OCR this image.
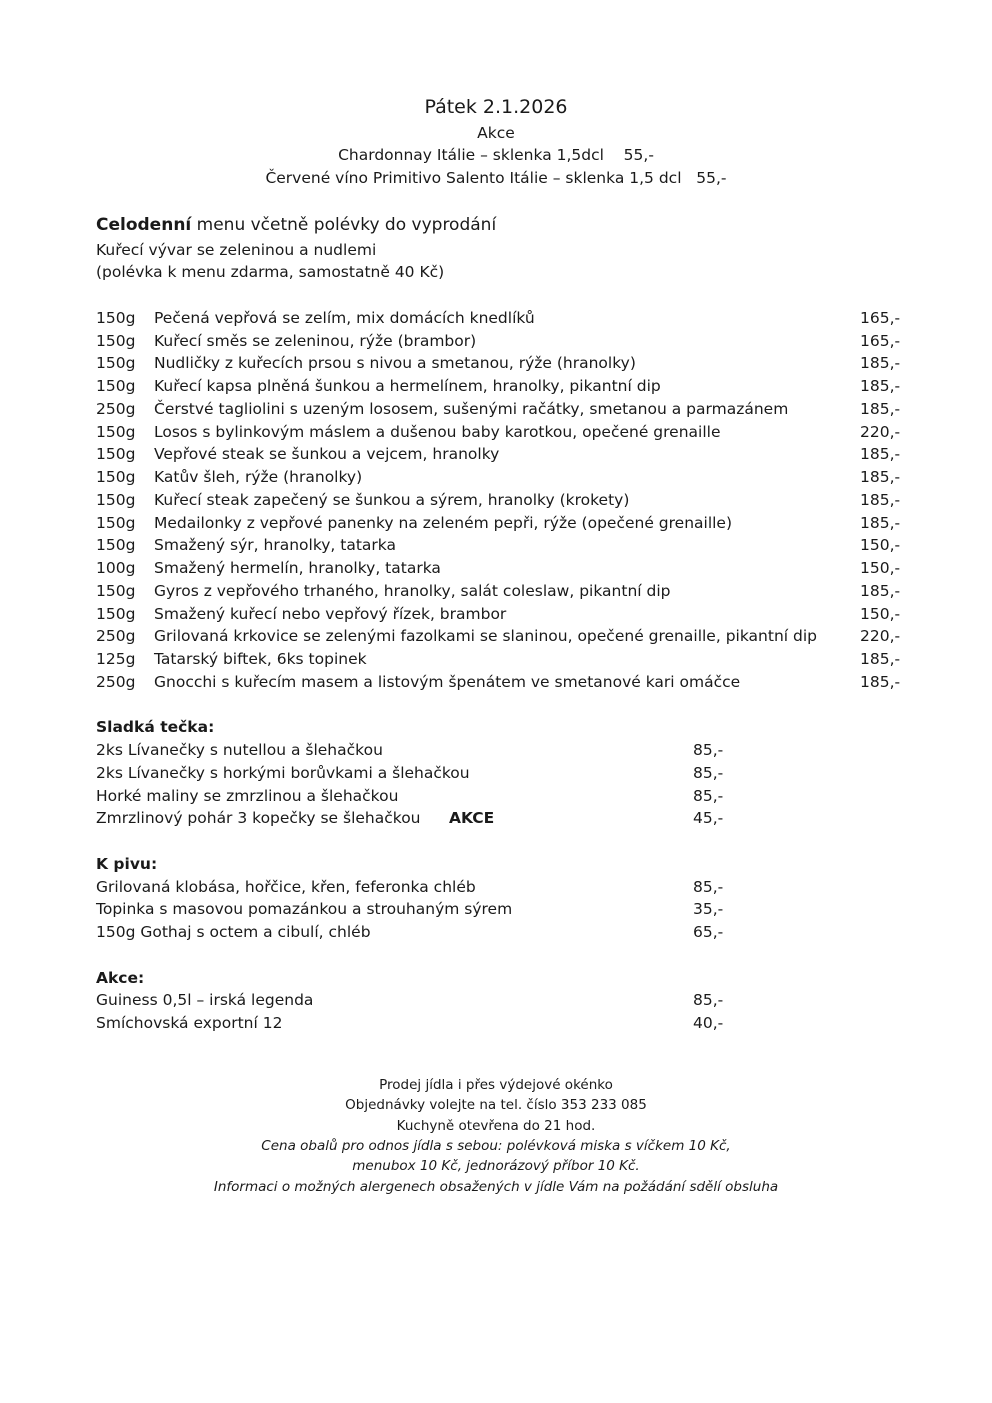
Pátek 2.1.2026
Akce
Chardonnay Itálie – sklenka 1,5dcl    55,-
Červené víno Primitivo Salento Itálie – sklenka 1,5 dcl   55,-
Celodenní menu včetně polévky do vyprodání
Kuřecí vývar se zeleninou a nudlemi
(polévka k menu zdarma, samostatně 40 Kč)
150g Pečená vepřová se zelím, mix domácích knedlíků	165,-
150g Kuřecí směs se zeleninou, rýže (brambor)	165,-
150g Nudličky z kuřecích prsou s nivou a smetanou, rýže (hranolky)	185,-
150g Kuřecí kapsa plněná šunkou a hermelínem, hranolky, pikantní dip	185,-
250g Čerstvé tagliolini s uzeným lososem, sušenými račátky, smetanou a parmazánem	185,-
150g Losos s bylinkovým máslem a dušenou baby karotkou, opečené grenaille	220,-
150g Vepřové steak se šunkou a vejcem, hranolky	185,-
150g Katův šleh, rýže (hranolky)	185,-
150g Kuřecí steak zapečený se šunkou a sýrem, hranolky (krokety)	185,-
150g Medailonky z vepřové panenky na zeleném pepři, rýže (opečené grenaille)	185,-
150g Smažený sýr, hranolky, tatarka	150,-
100g Smažený hermelín, hranolky, tatarka	150,-
150g Gyros z vepřového trhaného, hranolky, salát coleslaw, pikantní dip	185,-
150g Smažený kuřecí nebo vepřový řízek, brambor	150,-
250g Grilovaná krkovice se zelenými fazolkami se slaninou, opečené grenaille, pikantní dip	220,-
125g Tatarský biftek, 6ks topinek	185,-
250g Gnocchi s kuřecím masem a listovým špenátem ve smetanové kari omáčce	185,-
Sladká tečka:
2ks Lívanečky s nutellou a šlehačkou	85,-
2ks Lívanečky s horkými borůvkami a šlehačkou	85,-
Horké maliny se zmrzlinou a šlehačkou	85,-
Zmrzlinový pohár 3 kopečky se šlehačkou AKCE	45,-
K pivu:
Grilovaná klobása, hořčice, křen, feferonka chléb	85,-
Topinka s masovou pomazánkou a strouhaným sýrem	35,-
150g Gothaj s octem a cibulí, chléb	65,-
Akce:
Guiness 0,5l – irská legenda	85,-
Smíchovská exportní 12	40,-
Prodej jídla i přes výdejové okénko
Objednávky volejte na tel. číslo 353 233 085
Kuchyně otevřena do 21 hod.
Cena obalů pro odnos jídla s sebou: polévková miska s víčkem 10 Kč,
menubox 10 Kč, jednorázový příbor 10 Kč.
Informaci o možných alergenech obsažených v jídle Vám na požádání sdělí obsluha
